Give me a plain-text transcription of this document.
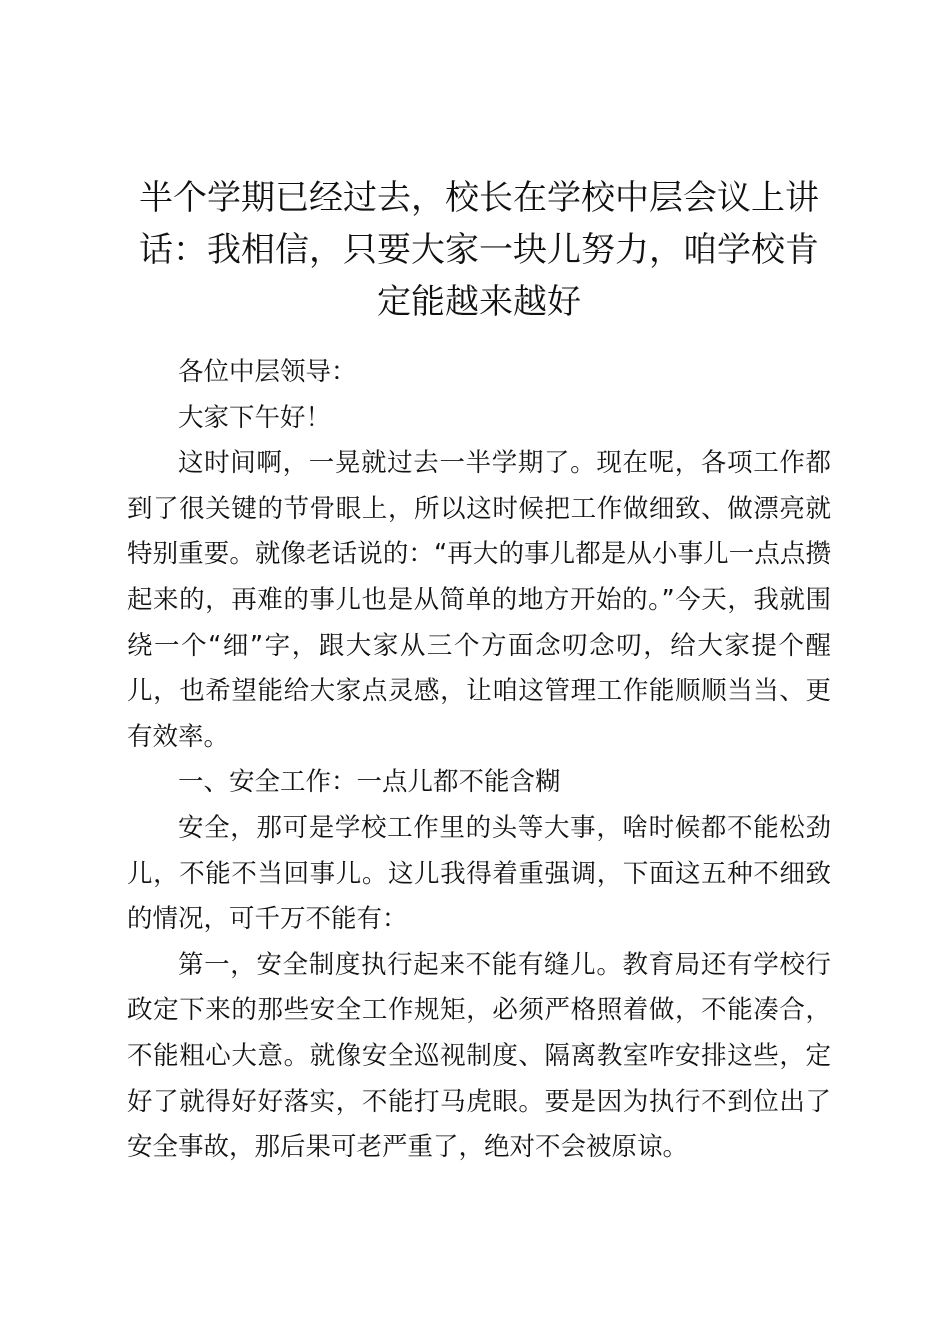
半个学期已经过去，校长在学校中层会议上讲话：我相信，只要大家一块儿努力，咱学校肯定能越来越好

各位中层领导：

大家下午好！

这时间啊，一晃就过去一半学期了。现在呢，各项工作都到了很关键的节骨眼上，所以这时候把工作做细致、做漂亮就特别重要。就像老话说的：“再大的事儿都是从小事儿一点点攒起来的，再难的事儿也是从简单的地方开始的。”今天，我就围绕一个“细”字，跟大家从三个方面念叨念叨，给大家提个醒儿，也希望能给大家点灵感，让咱这管理工作能顺顺当当、更有效率。

一、安全工作：一点儿都不能含糊

安全，那可是学校工作里的头等大事，啥时候都不能松劲儿，不能不当回事儿。这儿我得着重强调，下面这五种不细致的情况，可千万不能有：

第一，安全制度执行起来不能有缝儿。教育局还有学校行政定下来的那些安全工作规矩，必须严格照着做，不能凑合，不能粗心大意。就像安全巡视制度、隔离教室咋安排这些，定好了就得好好落实，不能打马虎眼。要是因为执行不到位出了安全事故，那后果可老严重了，绝对不会被原谅。
